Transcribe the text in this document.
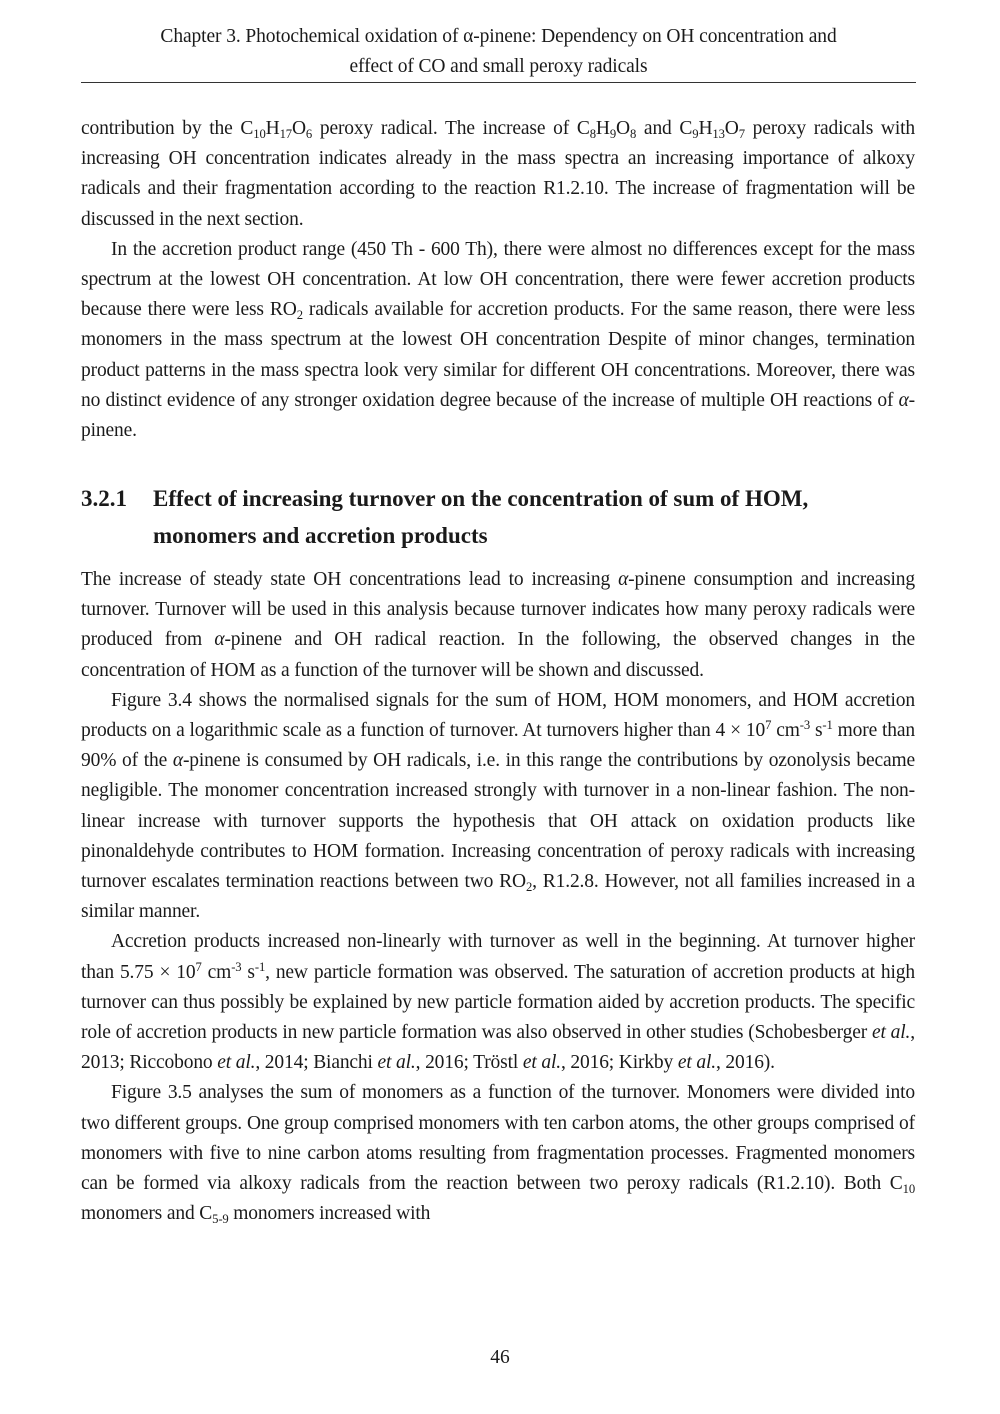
Chapter 3. Photochemical oxidation of α-pinene: Dependency on OH concentration and
effect of CO and small peroxy radicals

contribution by the $C_{10}H_{17}O_6$ peroxy radical. The increase of $C_8H_9O_8$ and $C_9H_{13}O_7$ peroxy radicals with increasing OH concentration indicates already in the mass spectra an increasing importance of alkoxy radicals and their fragmentation according to the reaction R1.2.10. The increase of fragmentation will be discussed in the next section.

In the accretion product range (450 Th - 600 Th), there were almost no differences except for the mass spectrum at the lowest OH concentration. At low OH concentration, there were fewer accretion products because there were less $RO_2$ radicals available for accretion products. For the same reason, there were less monomers in the mass spectrum at the lowest OH concentration Despite of minor changes, termination product patterns in the mass spectra look very similar for different OH concentrations. Moreover, there was no distinct evidence of any stronger oxidation degree because of the increase of multiple OH reactions of α-pinene.

3.2.1	Effect of increasing turnover on the concentration of sum of HOM, monomers and accretion products

The increase of steady state OH concentrations lead to increasing α-pinene consumption and increasing turnover. Turnover will be used in this analysis because turnover indicates how many peroxy radicals were produced from α-pinene and OH radical reaction. In the following, the observed changes in the concentration of HOM as a function of the turnover will be shown and discussed.

Figure 3.4 shows the normalised signals for the sum of HOM, HOM monomers, and HOM accretion products on a logarithmic scale as a function of turnover. At turnovers higher than $4 \times 10^7$ $cm^{-3}$ $s^{-1}$ more than 90% of the α-pinene is consumed by OH radicals, i.e. in this range the contributions by ozonolysis became negligible. The monomer concentration increased strongly with turnover in a non-linear fashion. The non-linear increase with turnover supports the hypothesis that OH attack on oxidation products like pinonaldehyde contributes to HOM formation. Increasing concentration of peroxy radicals with increasing turnover escalates termination reactions between two $RO_2$, R1.2.8. However, not all families increased in a similar manner.

Accretion products increased non-linearly with turnover as well in the beginning. At turnover higher than $5.75 \times 10^7$ $cm^{-3}$ $s^{-1}$, new particle formation was observed. The saturation of accretion products at high turnover can thus possibly be explained by new particle formation aided by accretion products. The specific role of accretion products in new particle formation was also observed in other studies (Schobesberger et al., 2013; Riccobono et al., 2014; Bianchi et al., 2016; Tröstl et al., 2016; Kirkby et al., 2016).

Figure 3.5 analyses the sum of monomers as a function of the turnover. Monomers were divided into two different groups. One group comprised monomers with ten carbon atoms, the other groups comprised of monomers with five to nine carbon atoms resulting from fragmentation processes. Fragmented monomers can be formed via alkoxy radicals from the reaction between two peroxy radicals (R1.2.10). Both $C_{10}$ monomers and $C_{5-9}$ monomers increased with

46
